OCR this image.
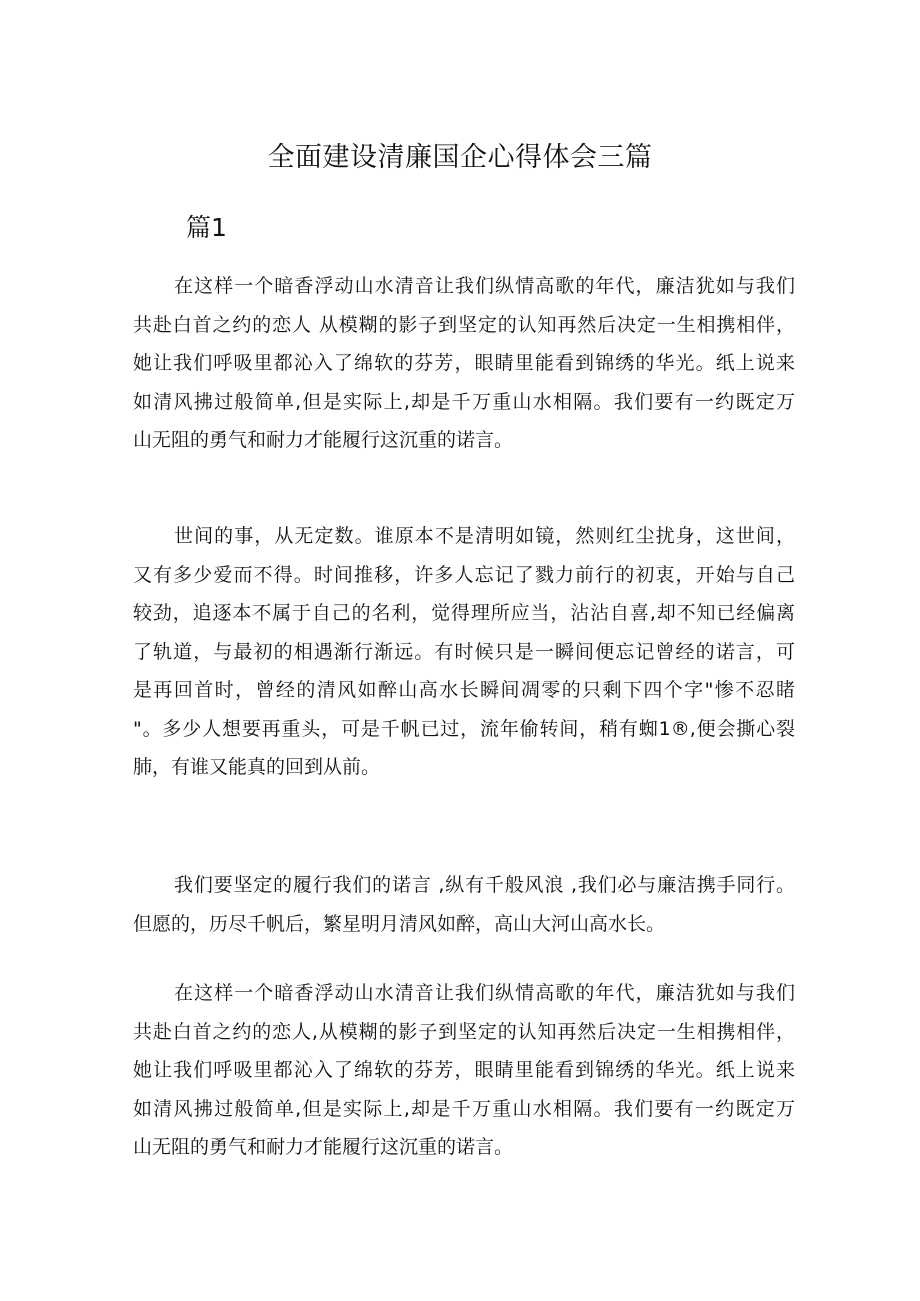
全面建设清廉国企心得体会三篇
篇1
在这样一个暗香浮动山水清音让我们纵情高歌的年代，廉洁犹如与我们
共赴白首之约的恋人 从模糊的影子到坚定的认知再然后决定一生相携相伴，
她让我们呼吸里都沁入了绵软的芬芳，眼睛里能看到锦绣的华光。纸上说来
如清风拂过般简单,但是实际上,却是千万重山水相隔。我们要有一约既定万
山无阻的勇气和耐力才能履行这沉重的诺言。
世间的事，从无定数。谁原本不是清明如镜，然则红尘扰身，这世间，
又有多少爱而不得。时间推移，许多人忘记了戮力前行的初衷，开始与自己
较劲，追逐本不属于自己的名利，觉得理所应当，沾沾自喜,却不知已经偏离
了轨道，与最初的相遇渐行渐远。有时候只是一瞬间便忘记曾经的诺言，可
是再回首时，曾经的清风如醉山高水长瞬间凋零的只剩下四个字"惨不忍睹
"。多少人想要再重头，可是千帆已过，流年偷转间，稍有蜘1®,便会撕心裂
肺，有谁又能真的回到从前。
我们要坚定的履行我们的诺言 ,纵有千般风浪 ,我们必与廉洁携手同行。
但愿的，历尽千帆后，繁星明月清风如醉，高山大河山高水长。
在这样一个暗香浮动山水清音让我们纵情高歌的年代，廉洁犹如与我们
共赴白首之约的恋人,从模糊的影子到坚定的认知再然后决定一生相携相伴，
她让我们呼吸里都沁入了绵软的芬芳，眼睛里能看到锦绣的华光。纸上说来
如清风拂过般简单,但是实际上,却是千万重山水相隔。我们要有一约既定万
山无阻的勇气和耐力才能履行这沉重的诺言。
